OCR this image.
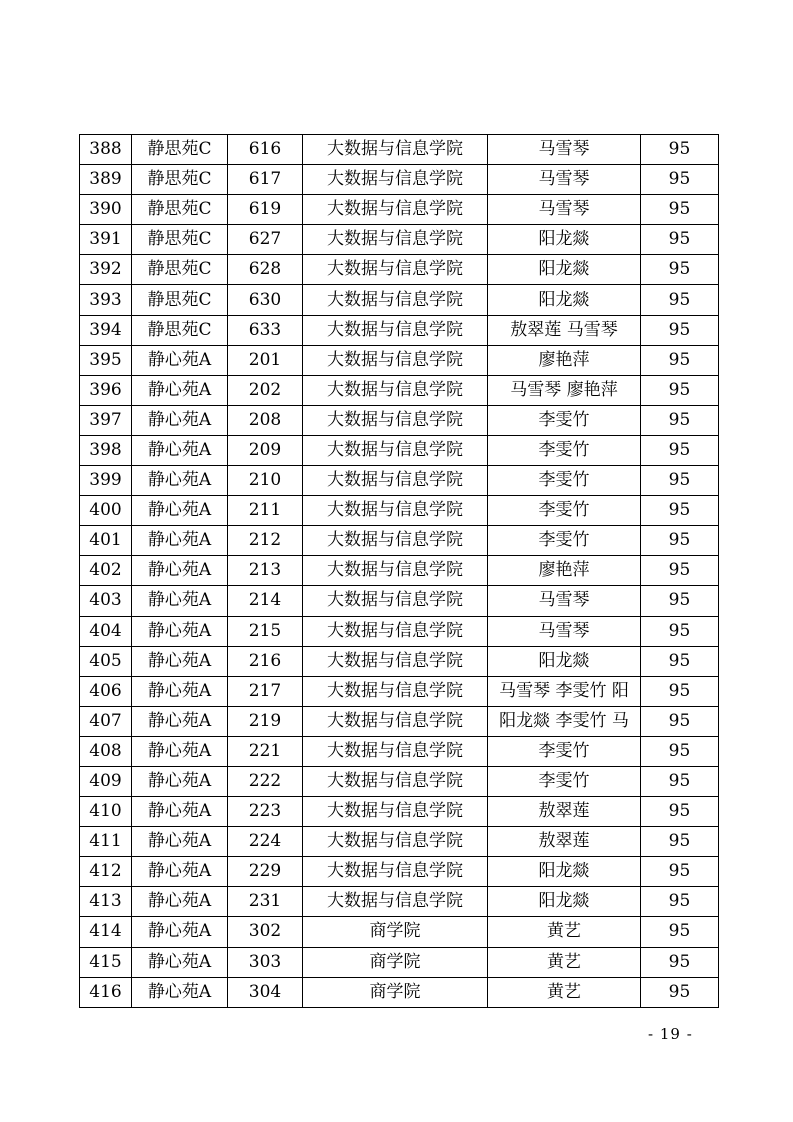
388	静思苑C	616	大数据与信息学院	马雪琴	95
389	静思苑C	617	大数据与信息学院	马雪琴	95
390	静思苑C	619	大数据与信息学院	马雪琴	95
391	静思苑C	627	大数据与信息学院	阳龙燚	95
392	静思苑C	628	大数据与信息学院	阳龙燚	95
393	静思苑C	630	大数据与信息学院	阳龙燚	95
394	静思苑C	633	大数据与信息学院	敖翠莲 马雪琴	95
395	静心苑A	201	大数据与信息学院	廖艳萍	95
396	静心苑A	202	大数据与信息学院	马雪琴 廖艳萍	95
397	静心苑A	208	大数据与信息学院	李雯竹	95
398	静心苑A	209	大数据与信息学院	李雯竹	95
399	静心苑A	210	大数据与信息学院	李雯竹	95
400	静心苑A	211	大数据与信息学院	李雯竹	95
401	静心苑A	212	大数据与信息学院	李雯竹	95
402	静心苑A	213	大数据与信息学院	廖艳萍	95
403	静心苑A	214	大数据与信息学院	马雪琴	95
404	静心苑A	215	大数据与信息学院	马雪琴	95
405	静心苑A	216	大数据与信息学院	阳龙燚	95
406	静心苑A	217	大数据与信息学院	马雪琴 李雯竹 阳	95
407	静心苑A	219	大数据与信息学院	阳龙燚 李雯竹 马	95
408	静心苑A	221	大数据与信息学院	李雯竹	95
409	静心苑A	222	大数据与信息学院	李雯竹	95
410	静心苑A	223	大数据与信息学院	敖翠莲	95
411	静心苑A	224	大数据与信息学院	敖翠莲	95
412	静心苑A	229	大数据与信息学院	阳龙燚	95
413	静心苑A	231	大数据与信息学院	阳龙燚	95
414	静心苑A	302	商学院	黄艺	95
415	静心苑A	303	商学院	黄艺	95
416	静心苑A	304	商学院	黄艺	95
- 19 -
